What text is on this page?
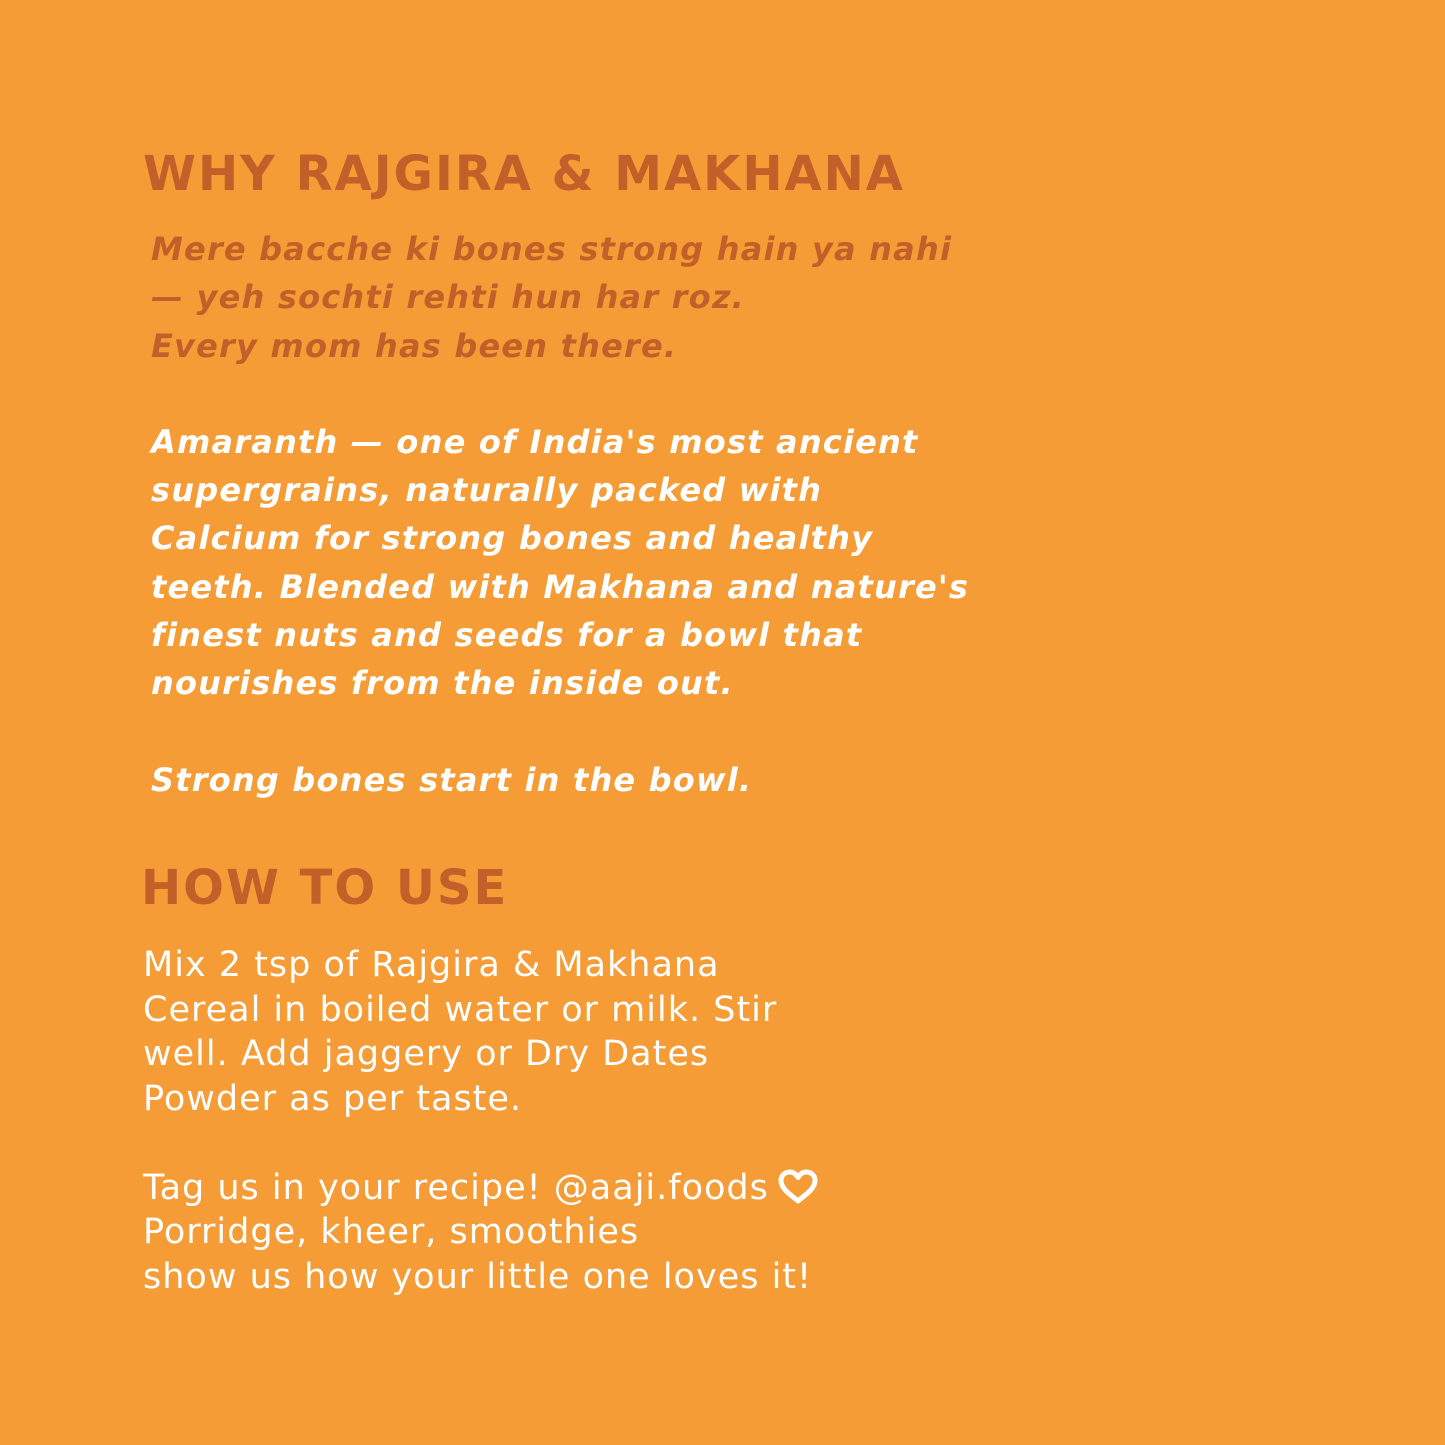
WHY RAJGIRA & MAKHANA

Mere bacche ki bones strong hain ya nahi
— yeh sochti rehti hun har roz.
Every mom has been there.

Amaranth — one of India's most ancient
supergrains, naturally packed with
Calcium for strong bones and healthy
teeth. Blended with Makhana and nature's
finest nuts and seeds for a bowl that
nourishes from the inside out.

Strong bones start in the bowl.

HOW TO USE

Mix 2 tsp of Rajgira & Makhana
Cereal in boiled water or milk. Stir
well. Add jaggery or Dry Dates
Powder as per taste.

Tag us in your recipe! @aaji.foods
Porridge, kheer, smoothies
show us how your little one loves it!
